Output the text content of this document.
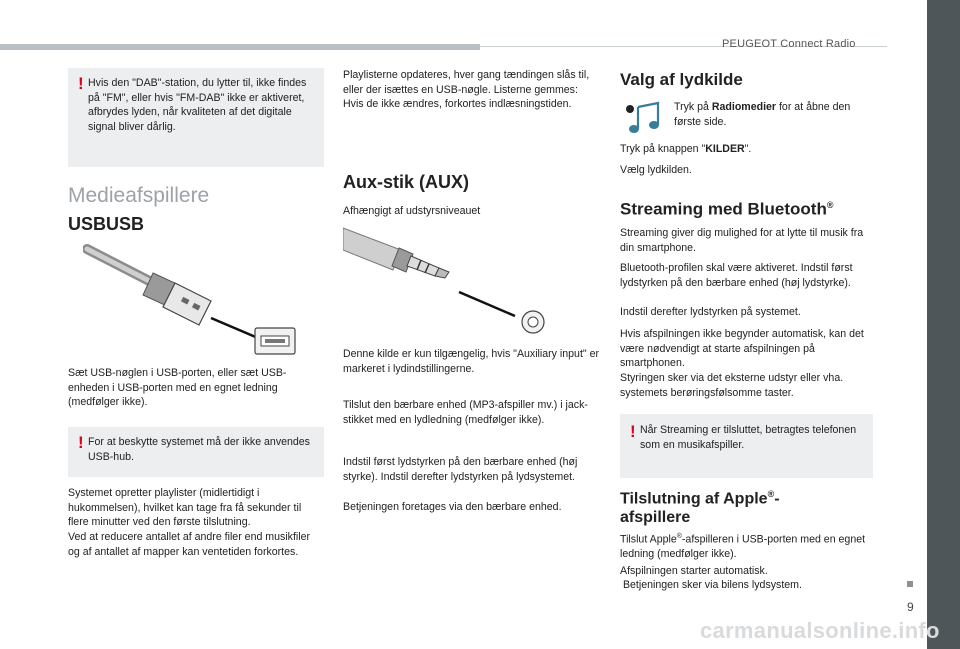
PEUGEOT Connect Radio
9
carmanualsonline.info
! Hvis den "DAB"-station, du lytter til, ikke findes på "FM", eller hvis "FM-DAB" ikke er aktiveret, afbrydes lyden, når kvaliteten af det digitale signal bliver dårlig.

Medieafspillere
USBUSB

Sæt USB-nøglen i USB-porten, eller sæt USB-enheden i USB-porten med en egnet ledning (medfølger ikke).

! For at beskytte systemet må der ikke anvendes USB-hub.

Systemet opretter playlister (midlertidigt i hukommelsen), hvilket kan tage fra få sekunder til flere minutter ved den første tilslutning.

Ved at reducere antallet af andre filer end musikfiler og af antallet af mapper kan ventetiden forkortes.

Playlisterne opdateres, hver gang tændingen slås til, eller der isættes en USB-nøgle. Listerne gemmes: Hvis de ikke ændres, forkortes indlæsningstiden.

Aux-stik (AUX)

Afhængigt af udstyrsniveauet

Denne kilde er kun tilgængelig, hvis "Auxiliary input" er markeret i lydindstillingerne.

Tilslut den bærbare enhed (MP3-afspiller mv.) i jack-stikket med en lydledning (medfølger ikke).

Indstil først lydstyrken på den bærbare enhed (høj styrke). Indstil derefter lydstyrken på lydsystemet.

Betjeningen foretages via den bærbare enhed.

Valg af lydkilde

Tryk på Radiomedier for at åbne den første side.

Tryk på knappen "KILDER".

Vælg lydkilden.

Streaming med Bluetooth®

Streaming giver dig mulighed for at lytte til musik fra din smartphone.

Bluetooth-profilen skal være aktiveret. Indstil først lydstyrken på den bærbare enhed (høj lydstyrke).

Indstil derefter lydstyrken på systemet.

Hvis afspilningen ikke begynder automatisk, kan det være nødvendigt at starte afspilningen på smartphonen.

Styringen sker via det eksterne udstyr eller vha. systemets berøringsfølsomme taster.

! Når Streaming er tilsluttet, betragtes telefonen som en musikafspiller.

Tilslutning af Apple®-
afspillere

Tilslut Apple®-afspilleren i USB-porten med en egnet ledning (medfølger ikke).

Afspilningen starter automatisk.

Betjeningen sker via bilens lydsystem.
